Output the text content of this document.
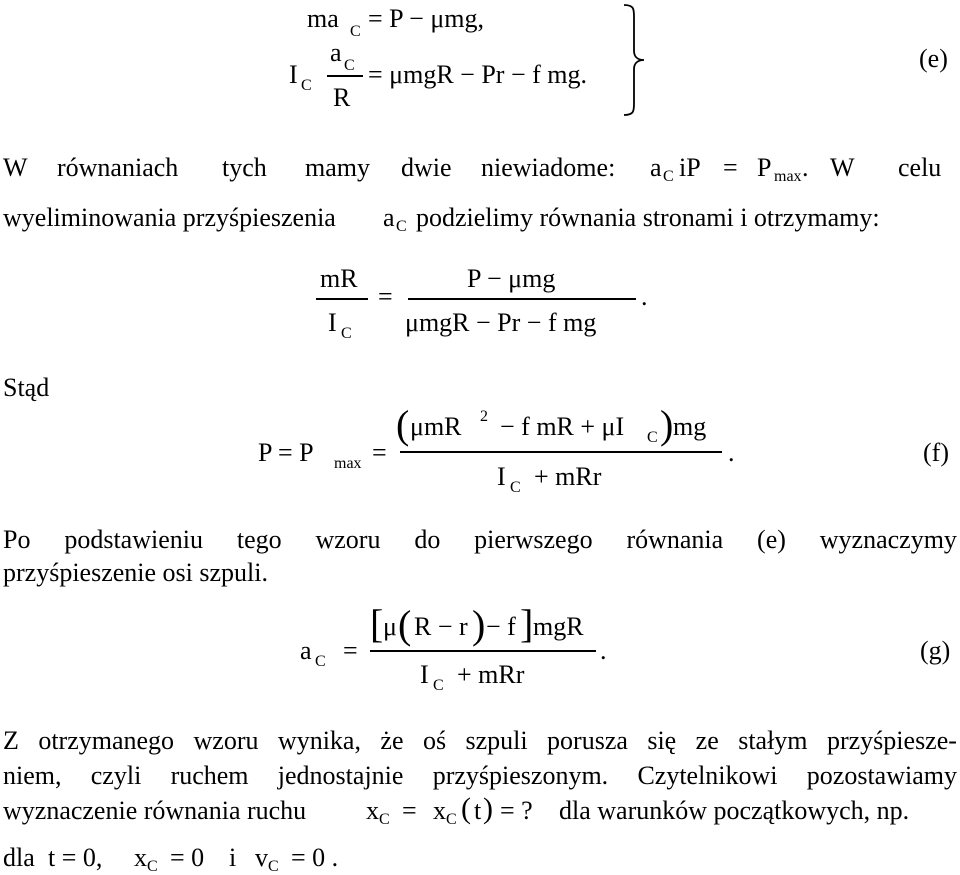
ma C = P − μmg,
I C
a C
R
= μmgR − Pr − f mg.
(e)
W równaniach tych mamy dwie niewiadome: a C iP = P max . W celu
wyeliminowania przyśpieszenia a C podzielimy równania stronami i otrzymamy:
mR
I C
=
P − μmg
μmgR − Pr − f mg
.
Stąd
P = P max =
( μmR 2 − f mR + μI C ) mg
I C + mRr
.	(f)
Po podstawieniu tego wzoru do pierwszego równania (e) wyznaczymy
przyśpieszenie osi szpuli.
a C =
[ μ ( R − r ) − f ] mgR
I C + mRr
.	(g)
Z otrzymanego wzoru wynika, że oś szpuli porusza się ze stałym przyśpiesze-
niem, czyli ruchem jednostajnie przyśpieszonym. Czytelnikowi pozostawiamy
wyznaczenie równania ruchu x C = x C ( t ) = ? dla warunków początkowych, np.
dla t = 0, x C = 0 i v C = 0 .
